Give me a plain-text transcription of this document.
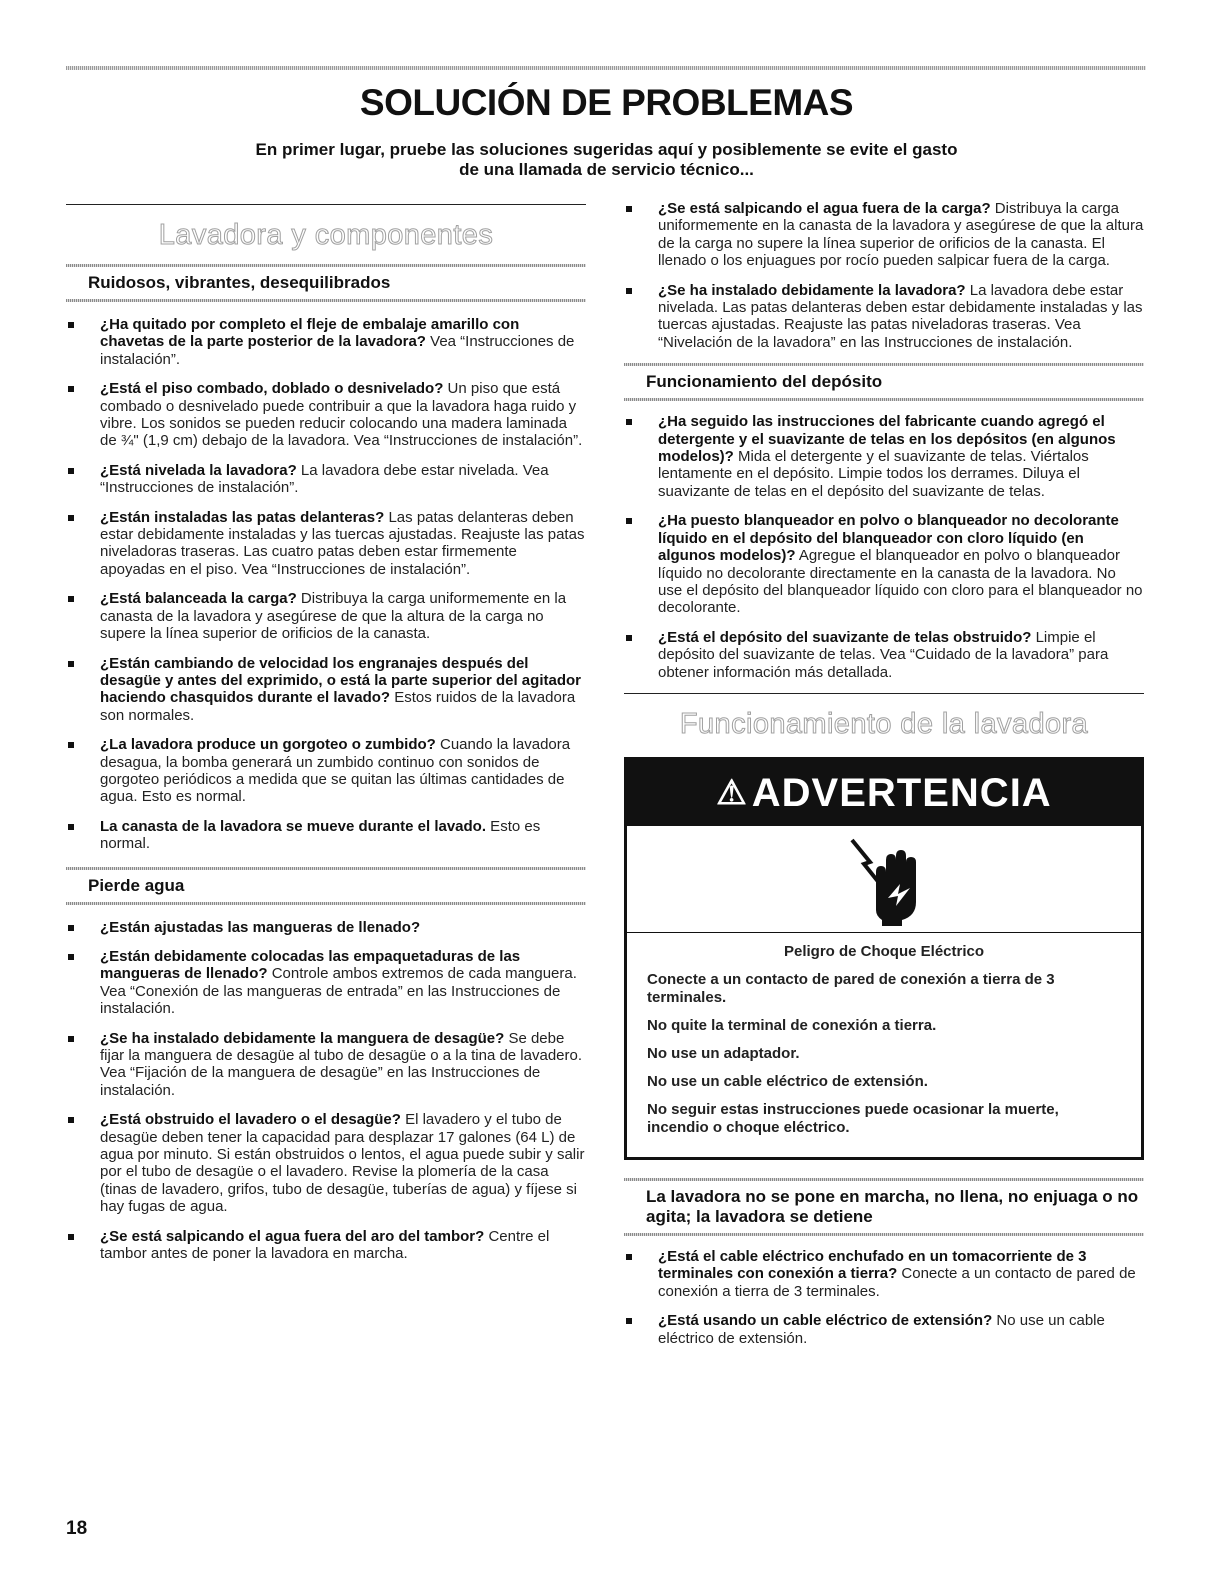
SOLUCIÓN DE PROBLEMAS
En primer lugar, pruebe las soluciones sugeridas aquí y posiblemente se evite el gasto
de una llamada de servicio técnico...
Lavadora y componentes
Ruidosos, vibrantes, desequilibrados
¿Ha quitado por completo el fleje de embalaje amarillo con chavetas de la parte posterior de la lavadora? Vea “Instrucciones de instalación”.
¿Está el piso combado, doblado o desnivelado? Un piso que está combado o desnivelado puede contribuir a que la lavadora haga ruido y vibre. Los sonidos se pueden reducir colocando una madera laminada de ¾" (1,9 cm) debajo de la lavadora. Vea “Instrucciones de instalación”.
¿Está nivelada la lavadora? La lavadora debe estar nivelada. Vea “Instrucciones de instalación”.
¿Están instaladas las patas delanteras? Las patas delanteras deben estar debidamente instaladas y las tuercas ajustadas. Reajuste las patas niveladoras traseras. Las cuatro patas deben estar firmemente apoyadas en el piso. Vea “Instrucciones de instalación”.
¿Está balanceada la carga? Distribuya la carga uniformemente en la canasta de la lavadora y asegúrese de que la altura de la carga no supere la línea superior de orificios de la canasta.
¿Están cambiando de velocidad los engranajes después del desagüe y antes del exprimido, o está la parte superior del agitador haciendo chasquidos durante el lavado? Estos ruidos de la lavadora son normales.
¿La lavadora produce un gorgoteo o zumbido? Cuando la lavadora desagua, la bomba generará un zumbido continuo con sonidos de gorgoteo periódicos a medida que se quitan las últimas cantidades de agua. Esto es normal.
La canasta de la lavadora se mueve durante el lavado. Esto es normal.
Pierde agua
¿Están ajustadas las mangueras de llenado?
¿Están debidamente colocadas las empaquetaduras de las mangueras de llenado? Controle ambos extremos de cada manguera. Vea “Conexión de las mangueras de entrada” en las Instrucciones de instalación.
¿Se ha instalado debidamente la manguera de desagüe? Se debe fijar la manguera de desagüe al tubo de desagüe o a la tina de lavadero. Vea “Fijación de la manguera de desagüe” en las Instrucciones de instalación.
¿Está obstruido el lavadero o el desagüe? El lavadero y el tubo de desagüe deben tener la capacidad para desplazar 17 galones (64 L) de agua por minuto. Si están obstruidos o lentos, el agua puede subir y salir por el tubo de desagüe o el lavadero. Revise la plomería de la casa (tinas de lavadero, grifos, tubo de desagüe, tuberías de agua) y fíjese si hay fugas de agua.
¿Se está salpicando el agua fuera del aro del tambor? Centre el tambor antes de poner la lavadora en marcha.
¿Se está salpicando el agua fuera de la carga? Distribuya la carga uniformemente en la canasta de la lavadora y asegúrese de que la altura de la carga no supere la línea superior de orificios de la canasta. El llenado o los enjuagues por rocío pueden salpicar fuera de la carga.
¿Se ha instalado debidamente la lavadora? La lavadora debe estar nivelada. Las patas delanteras deben estar debidamente instaladas y las tuercas ajustadas. Reajuste las patas niveladoras traseras. Vea “Nivelación de la lavadora” en las Instrucciones de instalación.
Funcionamiento del depósito
¿Ha seguido las instrucciones del fabricante cuando agregó el detergente y el suavizante de telas en los depósitos (en algunos modelos)? Mida el detergente y el suavizante de telas. Viértalos lentamente en el depósito. Limpie todos los derrames. Diluya el suavizante de telas en el depósito del suavizante de telas.
¿Ha puesto blanqueador en polvo o blanqueador no decolorante líquido en el depósito del blanqueador con cloro líquido (en algunos modelos)? Agregue el blanqueador en polvo o blanqueador líquido no decolorante directamente en la canasta de la lavadora. No use el depósito del blanqueador líquido con cloro para el blanqueador no decolorante.
¿Está el depósito del suavizante de telas obstruido? Limpie el depósito del suavizante de telas. Vea “Cuidado de la lavadora” para obtener información más detallada.
Funcionamiento de la lavadora
⚠ ADVERTENCIA

Peligro de Choque Eléctrico

Conecte a un contacto de pared de conexión a tierra de 3 terminales.

No quite la terminal de conexión a tierra.

No use un adaptador.

No use un cable eléctrico de extensión.

No seguir estas instrucciones puede ocasionar la muerte, incendio o choque eléctrico.

La lavadora no se pone en marcha, no llena, no enjuaga o no agita; la lavadora se detiene
¿Está el cable eléctrico enchufado en un tomacorriente de 3 terminales con conexión a tierra? Conecte a un contacto de pared de conexión a tierra de 3 terminales.
¿Está usando un cable eléctrico de extensión? No use un cable eléctrico de extensión.
18
